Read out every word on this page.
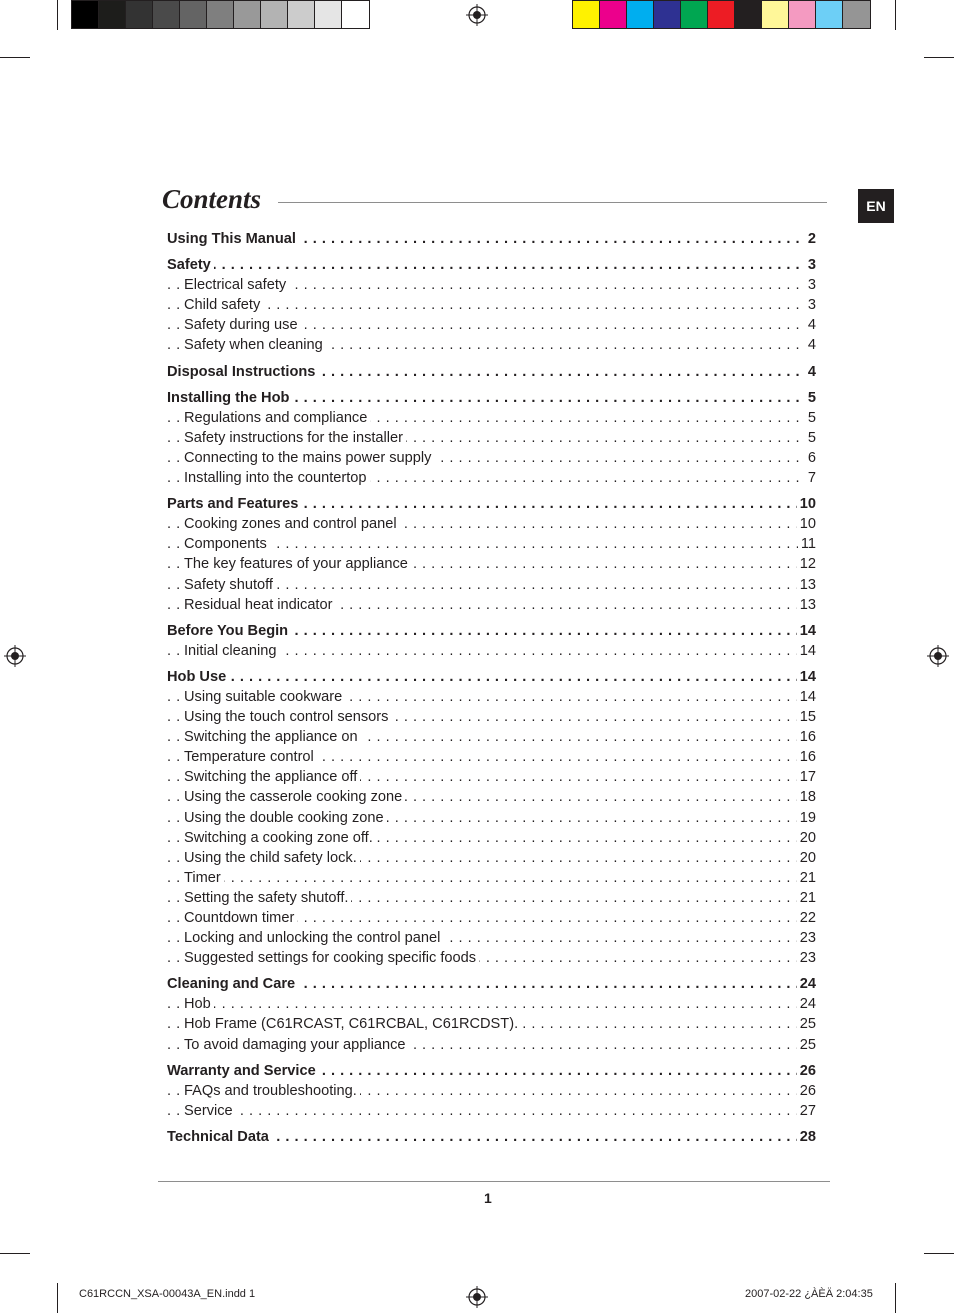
Contents	EN
. . . Using This Manual	2
. . . Safety	3
. . . Electrical safety	3
. . . Child safety	3
. . . Safety during use	4
. . . Safety when cleaning	4
. . . Disposal Instructions	4
. . . Installing the Hob	5
. . . Regulations and compliance	5
. . . Safety instructions for the installer	5
. . . Connecting to the mains power supply	6
. . . Installing into the countertop	7
. . . Parts and Features	10
. . . Cooking zones and control panel	10
. . . Components	11
. . . The key features of your appliance	12
. . . Safety shutoff	13
. . . Residual heat indicator	13
. . . Before You Begin	14
. . . Initial cleaning	14
. . . Hob Use	14
. . . Using suitable cookware	14
. . . Using the touch control sensors	15
. . . Switching the appliance on	16
. . . Temperature control	16
. . . Switching the appliance off	17
. . . Using the casserole cooking zone	18
. . . Using the double cooking zone	19
. . . Switching a cooking zone off.	20
. . . Using the child safety lock.	20
. . . Timer	21
. . . Setting the safety shutoff.	21
. . . Countdown timer	22
. . . Locking and unlocking the control panel	23
. . . Suggested settings for cooking specific foods	23
. . . Cleaning and Care	24
. . . Hob	24
. . . Hob Frame (C61RCAST, C61RCBAL, C61RCDST).	25
. . . To avoid damaging your appliance	25
. . . Warranty and Service	26
. . . FAQs and troubleshooting.	26
. . . Service	27
. . . Technical Data	28
1
C61RCCN_XSA-00043A_EN.indd 1	2007-02-22 ¿ÀÈÄ 2:04:35
